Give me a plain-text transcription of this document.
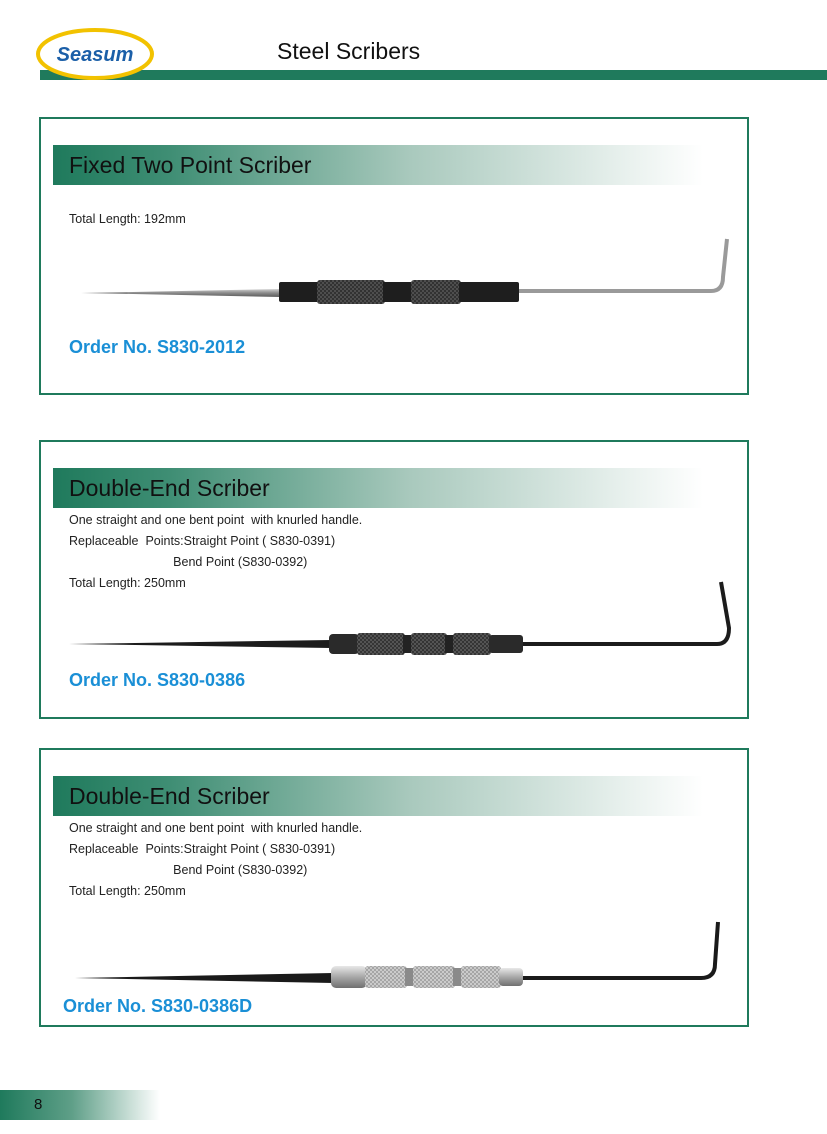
Seasum	Steel Scribers
Fixed Two Point Scriber
Total Length: 192mm
Order No. S830-2012
Double-End Scriber
One straight and one bent point  with knurled handle.
Replaceable  Points:Straight Point ( S830-0391)
Bend Point (S830-0392)
Total Length: 250mm
Order No. S830-0386
Double-End Scriber
One straight and one bent point  with knurled handle.
Replaceable  Points:Straight Point ( S830-0391)
Bend Point (S830-0392)
Total Length: 250mm
Order No. S830-0386D
8
